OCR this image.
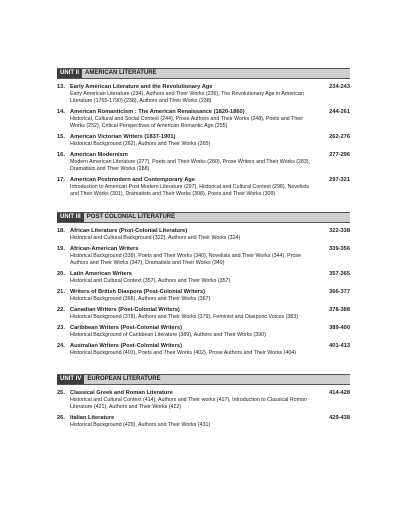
UNIT II	AMERICAN LITERATURE
13. Early American Literature and the Revolutionary Age	234-243
Early American Literature (234), Authors and Their Works (236), The Revolutionary Age in American Literature (1765-1790) (238), Authors and Their Works (238)
14. American Romanticism : The American Renaissance (1820-1860)	244-261
Historical, Cultural and Social Context (244), Prose Authors and Their Works (248), Poets and Their Works (252), Critical Perspectives of American Romantic Age (255)
15. American Victorian Writers (1837-1901)	262-276
Historical Background (262), Authors and Their Works (265)
16. American Modernism	277-296
Modern American Literature (277), Poets and Their Works (280), Prose Writers and Their Works (283), Dramatists and Their Works (288)
17. American Postmodern and Contemporary Age	297-321
Introduction to American Post Modern Literature (297), Historical and Cultural Context (298), Novelists and Their Works (301), Dramatists and Their Works (308), Poets and Their Works (309)
UNIT III	POST COLONIAL LITERATURE
18. African Literature (Post-Colonial Literature)	322-338
Historical and Cultural Background (322), Authors and Their Works (324)
19. African-American Writers	339-356
Historical Background (339), Poets and Their Works (340), Novelists and Their Works (344), Prose Authors and Their Works (347), Dramatists and Their Works (349)
20. Latin American Writers	357-365
Historical and Cultural Context (357), Authors and Their Works (357)
21. Writers of British Diaspora (Post-Colonial Writers)	366-377
Historical Background (366), Authors and Their Works (367)
22. Canadian Writers (Post-Colonial Writers)	378-388
Historical Background (378), Authors and Their Works (379), Feminist and Diasporic Voices (383)
23. Caribbean Writers (Post-Colonial Writers)	389-400
Historical Background of Caribbean Literature (389), Authors and Their Works (390)
24. Australian Writers (Post-Colonial Writers)	401-413
Historical Background (401), Poets and Their Works (402), Prose Authors and Their Works (404)
UNIT IV	EUROPEAN LITERATURE
25. Classical Greek and Roman Literature	414-428
Historical and Cultural Context (414), Authors and Their works (417), Introduction to Classical Roman Literature (421), Authors and Their Works (422)
26. Italian Literature	429-438
Historical Background (429), Authors and Their Works (431)
